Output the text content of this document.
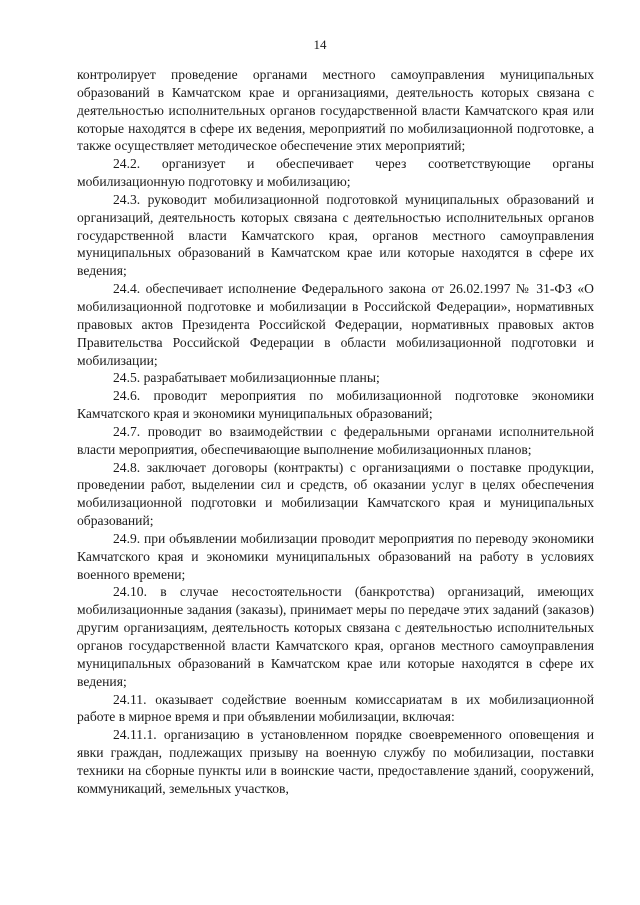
14

контролирует проведение органами местного самоуправления муниципальных образований в Камчатском крае и организациями, деятельность которых связана с деятельностью исполнительных органов государственной власти Камчатского края или которые находятся в сфере их ведения, мероприятий по мобилизационной подготовке, а также осуществляет методическое обеспечение этих мероприятий;

24.2. организует и обеспечивает через соответствующие органы мобилизационную подготовку и мобилизацию;

24.3. руководит мобилизационной подготовкой муниципальных образований и организаций, деятельность которых связана с деятельностью исполнительных органов государственной власти Камчатского края, органов местного самоуправления муниципальных образований в Камчатском крае или которые находятся в сфере их ведения;

24.4. обеспечивает исполнение Федерального закона от 26.02.1997 № 31-ФЗ «О мобилизационной подготовке и мобилизации в Российской Федерации», нормативных правовых актов Президента Российской Федерации, нормативных правовых актов Правительства Российской Федерации в области мобилизационной подготовки и мобилизации;

24.5. разрабатывает мобилизационные планы;

24.6. проводит мероприятия по мобилизационной подготовке экономики Камчатского края и экономики муниципальных образований;

24.7. проводит во взаимодействии с федеральными органами исполнительной власти мероприятия, обеспечивающие выполнение мобилизационных планов;

24.8. заключает договоры (контракты) с организациями о поставке продукции, проведении работ, выделении сил и средств, об оказании услуг в целях обеспечения мобилизационной подготовки и мобилизации Камчатского края и муниципальных образований;

24.9. при объявлении мобилизации проводит мероприятия по переводу экономики Камчатского края и экономики муниципальных образований на работу в условиях военного времени;

24.10. в случае несостоятельности (банкротства) организаций, имеющих мобилизационные задания (заказы), принимает меры по передаче этих заданий (заказов) другим организациям, деятельность которых связана с деятельностью исполнительных органов государственной власти Камчатского края, органов местного самоуправления муниципальных образований в Камчатском крае или которые находятся в сфере их ведения;

24.11. оказывает содействие военным комиссариатам в их мобилизационной работе в мирное время и при объявлении мобилизации, включая:

24.11.1. организацию в установленном порядке своевременного оповещения и явки граждан, подлежащих призыву на военную службу по мобилизации, поставки техники на сборные пункты или в воинские части, предоставление зданий, сооружений, коммуникаций, земельных участков,
